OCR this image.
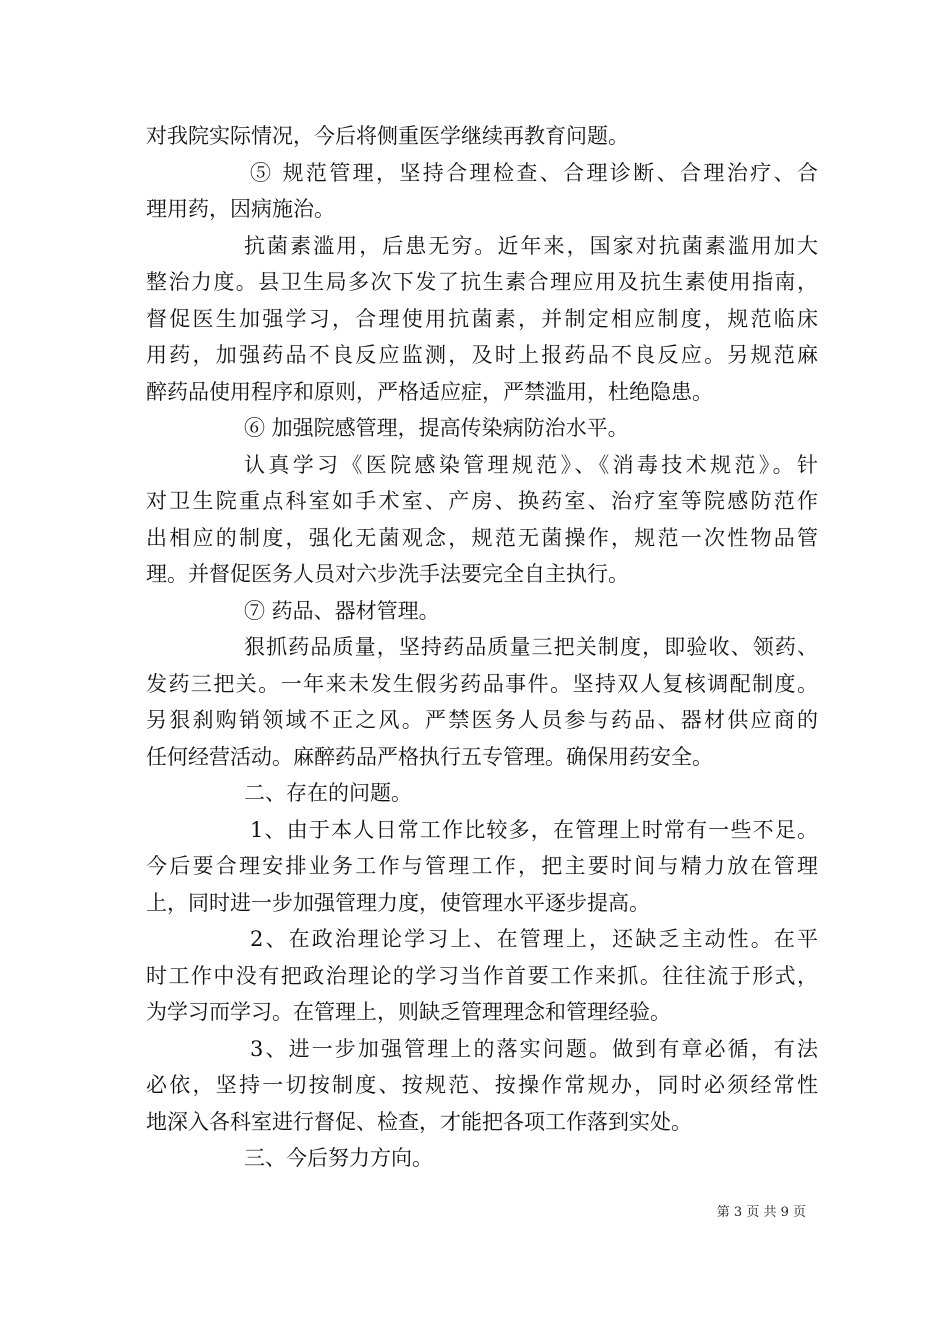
对我院实际情况，今后将侧重医学继续再教育问题。
⑤ 规范管理，坚持合理检查、合理诊断、合理治疗、合
理用药，因病施治。
抗菌素滥用，后患无穷。近年来，国家对抗菌素滥用加大
整治力度。县卫生局多次下发了抗生素合理应用及抗生素使用指南，
督促医生加强学习，合理使用抗菌素，并制定相应制度，规范临床
用药，加强药品不良反应监测，及时上报药品不良反应。另规范麻
醉药品使用程序和原则，严格适应症，严禁滥用，杜绝隐患。
⑥ 加强院感管理，提高传染病防治水平。
认真学习《医院感染管理规范》、《消毒技术规范》。针
对卫生院重点科室如手术室、产房、换药室、治疗室等院感防范作
出相应的制度，强化无菌观念，规范无菌操作，规范一次性物品管
理。并督促医务人员对六步洗手法要完全自主执行。
⑦ 药品、器材管理。
狠抓药品质量，坚持药品质量三把关制度，即验收、领药、
发药三把关。一年来未发生假劣药品事件。坚持双人复核调配制度。
另狠刹购销领域不正之风。严禁医务人员参与药品、器材供应商的
任何经营活动。麻醉药品严格执行五专管理。确保用药安全。
二、存在的问题。
1、由于本人日常工作比较多，在管理上时常有一些不足。
今后要合理安排业务工作与管理工作，把主要时间与精力放在管理
上，同时进一步加强管理力度，使管理水平逐步提高。
2、在政治理论学习上、在管理上，还缺乏主动性。在平
时工作中没有把政治理论的学习当作首要工作来抓。往往流于形式，
为学习而学习。在管理上，则缺乏管理理念和管理经验。
3、进一步加强管理上的落实问题。做到有章必循，有法
必依，坚持一切按制度、按规范、按操作常规办，同时必须经常性
地深入各科室进行督促、检查，才能把各项工作落到实处。
三、今后努力方向。
第 3 页 共 9 页
